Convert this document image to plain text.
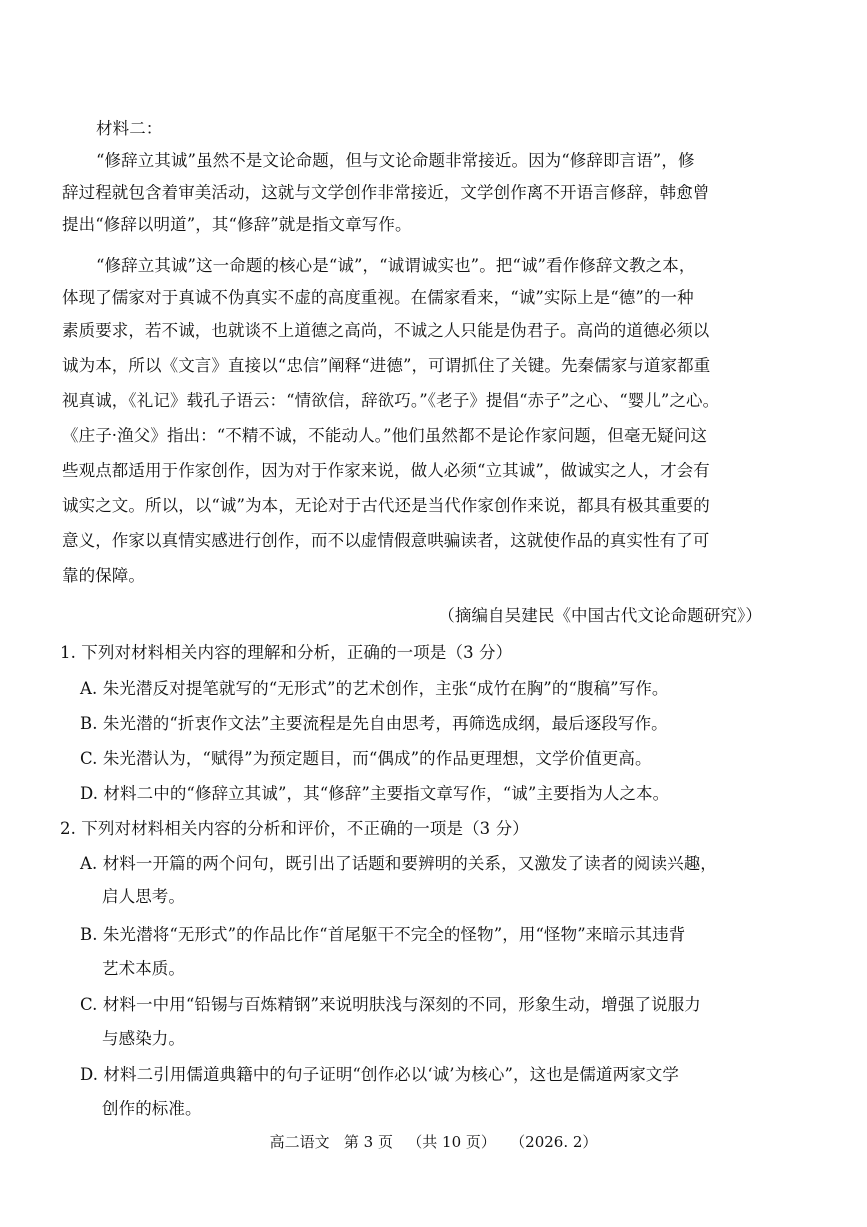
材料二：
“修辞立其诚”虽然不是文论命题，但与文论命题非常接近。因为“修辞即言语”，修
辞过程就包含着审美活动，这就与文学创作非常接近，文学创作离不开语言修辞，韩愈曾
提出“修辞以明道”，其“修辞”就是指文章写作。
“修辞立其诚”这一命题的核心是“诚”，“诚谓诚实也”。把“诚”看作修辞文教之本，
体现了儒家对于真诚不伪真实不虚的高度重视。在儒家看来，“诚”实际上是“德”的一种
素质要求，若不诚，也就谈不上道德之高尚，不诚之人只能是伪君子。高尚的道德必须以
诚为本，所以《文言》直接以“忠信”阐释“进德”，可谓抓住了关键。先秦儒家与道家都重
视真诚，《礼记》载孔子语云：“情欲信，辞欲巧。”《老子》提倡“赤子”之心、“婴儿”之心。
《庄子·渔父》指出：“不精不诚，不能动人。”他们虽然都不是论作家问题，但毫无疑问这
些观点都适用于作家创作，因为对于作家来说，做人必须“立其诚”，做诚实之人，才会有
诚实之文。所以，以“诚”为本，无论对于古代还是当代作家创作来说，都具有极其重要的
意义，作家以真情实感进行创作，而不以虚情假意哄骗读者，这就使作品的真实性有了可
靠的保障。
（摘编自吴建民《中国古代文论命题研究》）
1. 下列对材料相关内容的理解和分析，正确的一项是（3 分）
A. 朱光潜反对提笔就写的“无形式”的艺术创作，主张“成竹在胸”的“腹稿”写作。
B. 朱光潜的“折衷作文法”主要流程是先自由思考，再筛选成纲，最后逐段写作。
C. 朱光潜认为，“赋得”为预定题目，而“偶成”的作品更理想，文学价值更高。
D. 材料二中的“修辞立其诚”，其“修辞”主要指文章写作，“诚”主要指为人之本。
2. 下列对材料相关内容的分析和评价，不正确的一项是（3 分）
A. 材料一开篇的两个问句，既引出了话题和要辨明的关系，又激发了读者的阅读兴趣，
启人思考。
B. 朱光潜将“无形式”的作品比作“首尾躯干不完全的怪物”，用“怪物”来暗示其违背
艺术本质。
C. 材料一中用“铅锡与百炼精钢”来说明肤浅与深刻的不同，形象生动，增强了说服力
与感染力。
D. 材料二引用儒道典籍中的句子证明“创作必以‘诚’为核心”，这也是儒道两家文学
创作的标准。
高二语文   第 3 页   （共 10 页）   （2026. 2）
